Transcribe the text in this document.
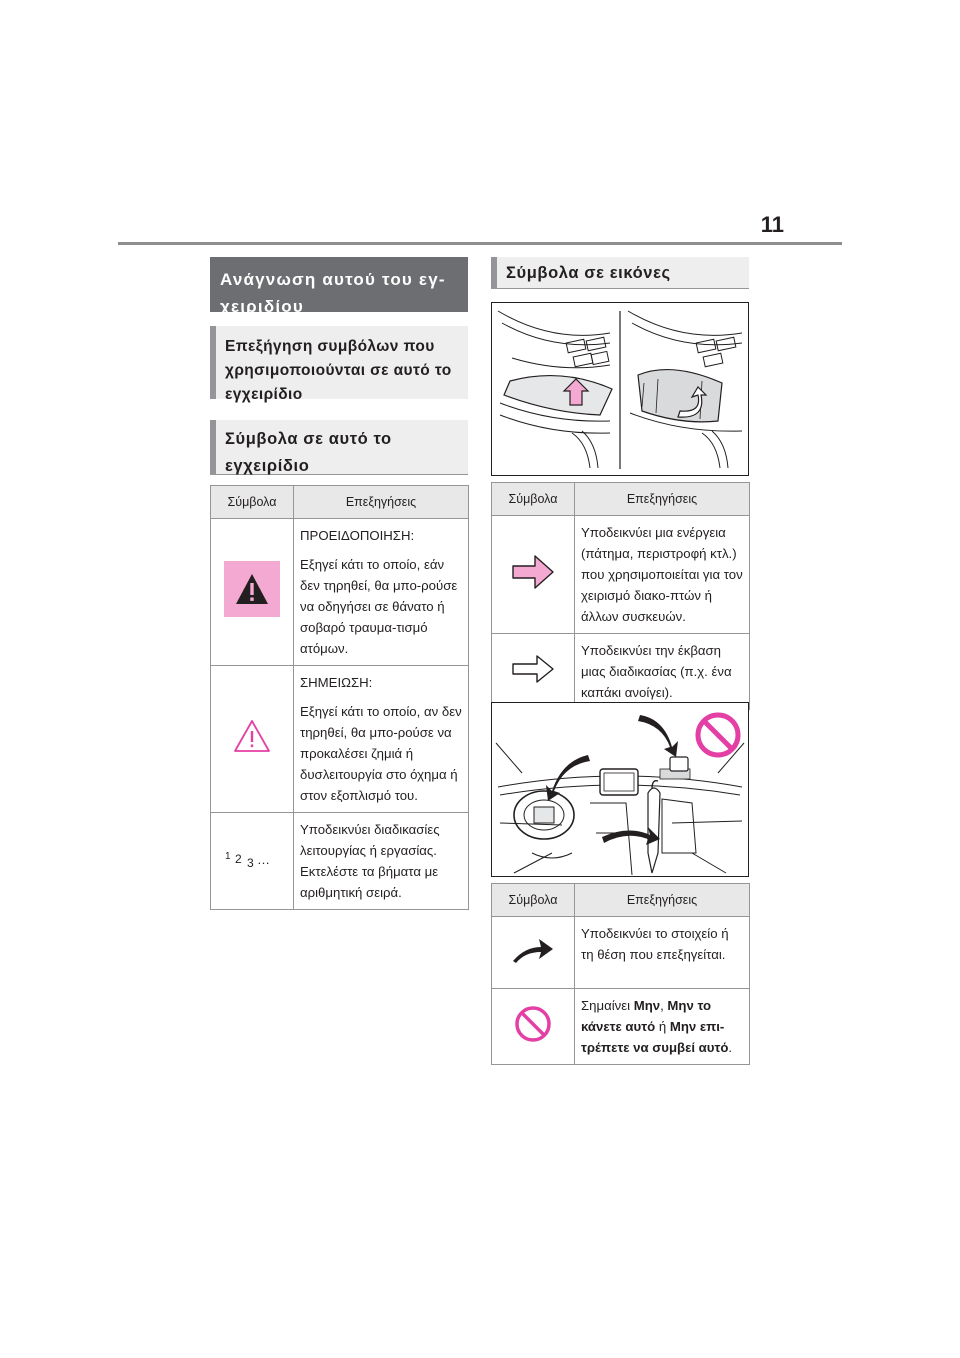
11
Ανάγνωση αυτού του εγ-χειριδίου
Επεξήγηση συμβόλων που χρησιμοποιούνται σε αυτό το εγχειρίδιο
Σύμβολα σε αυτό το εγχειρίδιο
Σύμβολα	Επεξηγήσεις

ΠΡΟΕΙΔΟΠΟΙΗΣΗ:

Εξηγεί κάτι το οποίο, εάν δεν τηρηθεί, θα μπο-ρούσε να οδηγήσει σε θάνατο ή σοβαρό τραυμα-τισμό ατόμων.

ΣΗΜΕΙΩΣΗ:

Εξηγεί κάτι το οποίο, αν δεν τηρηθεί, θα μπο-ρούσε να προκαλέσει ζημιά ή δυσλειτουργία στο όχημα ή στον εξοπλισμό του.

1 2 3 …	Υποδεικνύει διαδικασίες λειτουργίας ή εργασίας. Εκτελέστε τα βήματα με αριθμητική σειρά.

Σύμβολα σε εικόνες
Σύμβολα	Επεξηγήσεις

Υποδεικνύει μια ενέργεια (πάτημα, περιστροφή κτλ.) που χρησιμοποιείται για τον χειρισμό διακο-πτών ή άλλων συσκευών.

Υποδεικνύει την έκβαση μιας διαδικασίας (π.χ. ένα καπάκι ανοίγει).

Σύμβολα	Επεξηγήσεις

Υποδεικνύει το στοιχείο ή τη θέση που επεξηγείται.

Σημαίνει Μην, Μην το κάνετε αυτό ή Μην επι-τρέπετε να συμβεί αυτό.
